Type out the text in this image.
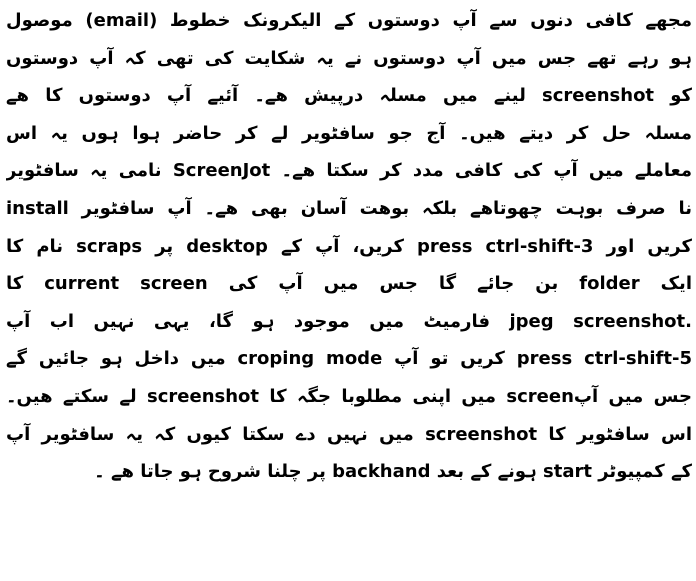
مجھے کافی دنوں سے آپ دوستوں کے الیکرونک خطوط (email) موصول
ہو رہے تھے جس میں آپ دوستوں نے یہ شکایت کی تھی کہ آپ دوستوں
کو screenshot لینے میں مسلہ درپیش ھے۔ آئیے آپ دوستوں کا ھے
مسلہ حل کر دیتے ھیں۔ آج جو سافٹویر لے کر حاضر ہوا ہوں یہ اس
معاملے میں آپ کی کافی مدد کر سکتا ھے۔ ScreenJot نامی یہ سافٹویر
نا صرف بوہت چھوتاھے بلکہ بوھت آسان بھی ھے۔ آپ سافٹویر install
کریں اور press ctrl-shift-3 کریں، آپ کے desktop پر scraps نام کا
ایک folder بن جائے گا جس میں آپ کی current screen کا
.jpeg screenshot فارمیٹ میں موجود ہو گا، یہی نہیں اب آپ
press ctrl-shift-5 کریں تو آپ croping mode میں داخل ہو جائیں گے
جس میں آپscreen میں اپنی مطلوبا جگہ کا screenshot لے سکتے ھیں۔
اس سافٹویر کا screenshot میں نہیں دے سکتا کیوں کہ یہ سافٹویر آپ
کے کمپیوٹر start ہونے کے بعد backhand پر چلنا شروح ہو جاتا ھے ۔
